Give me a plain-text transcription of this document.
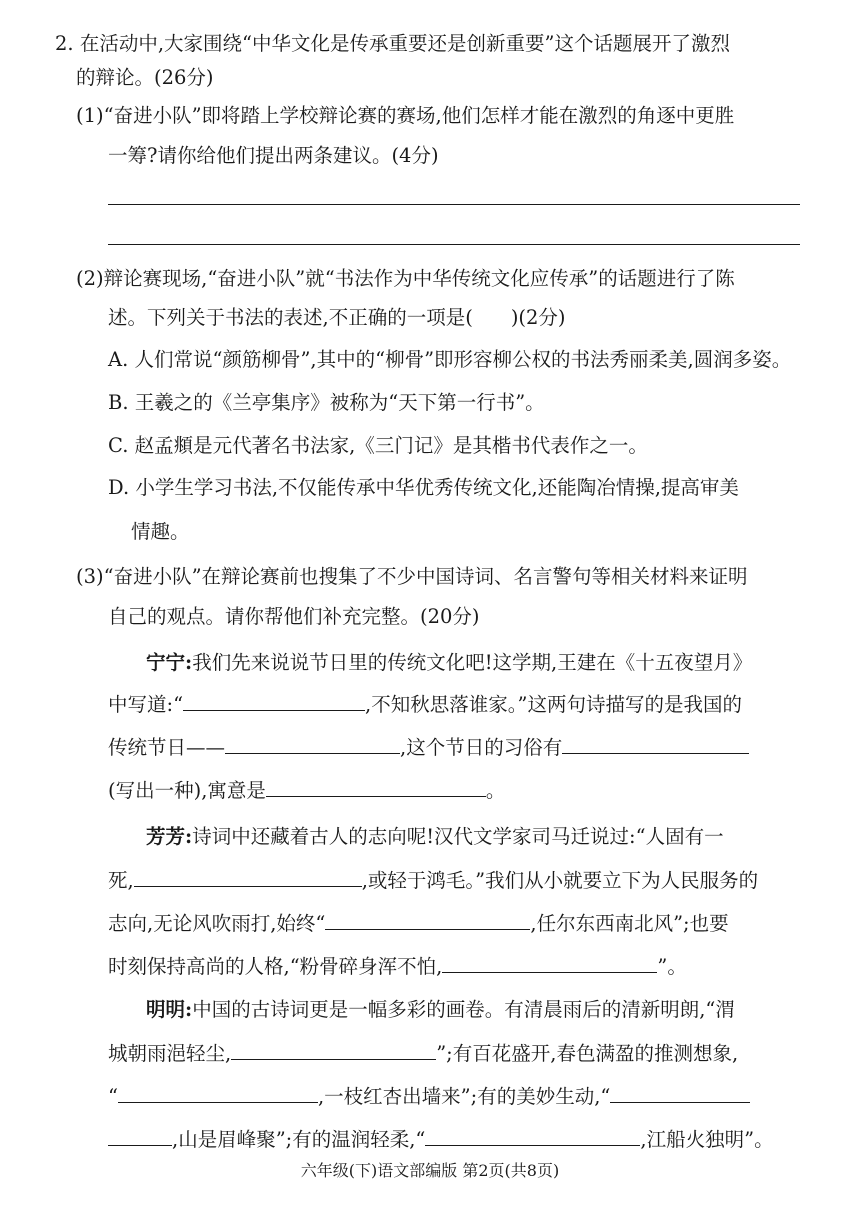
2. 在活动中,大家围绕“中华文化是传承重要还是创新重要”这个话题展开了激烈
的辩论。(26分)
(1)“奋进小队”即将踏上学校辩论赛的赛场,他们怎样才能在激烈的角逐中更胜
一筹?请你给他们提出两条建议。(4分)
(2)辩论赛现场,“奋进小队”就“书法作为中华传统文化应传承”的话题进行了陈
述。下列关于书法的表述,不正确的一项是( )(2分)
A. 人们常说“颜筋柳骨”,其中的“柳骨”即形容柳公权的书法秀丽柔美,圆润多姿。
B. 王羲之的《兰亭集序》被称为“天下第一行书”。
C. 赵孟頫是元代著名书法家,《三门记》是其楷书代表作之一。
D. 小学生学习书法,不仅能传承中华优秀传统文化,还能陶冶情操,提高审美
情趣。
(3)“奋进小队”在辩论赛前也搜集了不少中国诗词、名言警句等相关材料来证明
自己的观点。请你帮他们补充完整。(20分)
宁宁:我们先来说说节日里的传统文化吧!这学期,王建在《十五夜望月》
中写道:“	,不知秋思落谁家。”这两句诗描写的是我国的
传统节日——	,这个节日的习俗有
(写出一种),寓意是	。
芳芳:诗词中还藏着古人的志向呢!汉代文学家司马迁说过:“人固有一
死,	,或轻于鸿毛。”我们从小就要立下为人民服务的
志向,无论风吹雨打,始终“	,任尔东西南北风”;也要
时刻保持高尚的人格,“粉骨碎身浑不怕,	”。
明明:中国的古诗词更是一幅多彩的画卷。有清晨雨后的清新明朗,“渭
城朝雨浥轻尘,	”;有百花盛开,春色满盈的推测想象,
“	,一枝红杏出墙来”;有的美妙生动,“
,山是眉峰聚”;有的温润轻柔,“	,江船火独明”。
六年级(下)语文部编版 第2页(共8页)
